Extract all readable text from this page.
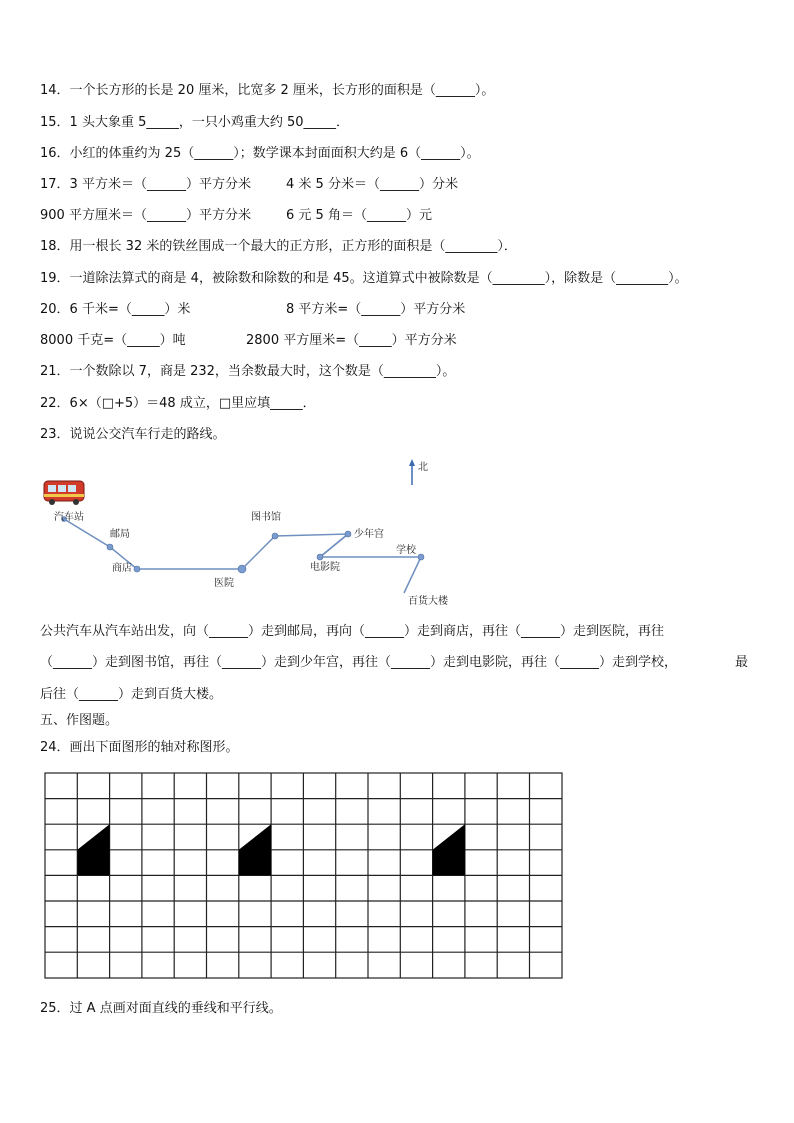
14．一个长方形的长是 20 厘米，比宽多 2 厘米，长方形的面积是（______）。
15．1 头大象重 5_____，一只小鸡重大约 50_____．
16．小红的体重约为 25（______）；数学课本封面面积大约是 6（______）。
17．3 平方米＝（______）平方分米	4 米 5 分米＝（______）分米
900 平方厘米＝（______）平方分米	6 元 5 角＝（______）元
18．用一根长 32 米的铁丝围成一个最大的正方形，正方形的面积是（________）．
19．一道除法算式的商是 4，被除数和除数的和是 45。这道算式中被除数是（________），除数是（________）。
20．6 千米=（_____）米	8 平方米=（______）平方分米
8000 千克=（_____）吨	2800 平方厘米=（_____）平方分米
21．一个数除以 7，商是 232，当余数最大时，这个数是（________）。
22．6×（□+5）＝48 成立，□里应填_____．
23．说说公交汽车行走的路线。
北
汽车站
邮局
商店
医院
图书馆
少年宫
电影院
学校
百货大楼
公共汽车从汽车站出发，向（______）走到邮局，再向（______）走到商店，再往（______）走到医院，再往
（______）走到图书馆，再往（______）走到少年宫，再往（______）走到电影院，再往（______）走到学校，	最
后往（______）走到百货大楼。
五、作图题。
24．画出下面图形的轴对称图形。
25．过 A 点画对面直线的垂线和平行线。
